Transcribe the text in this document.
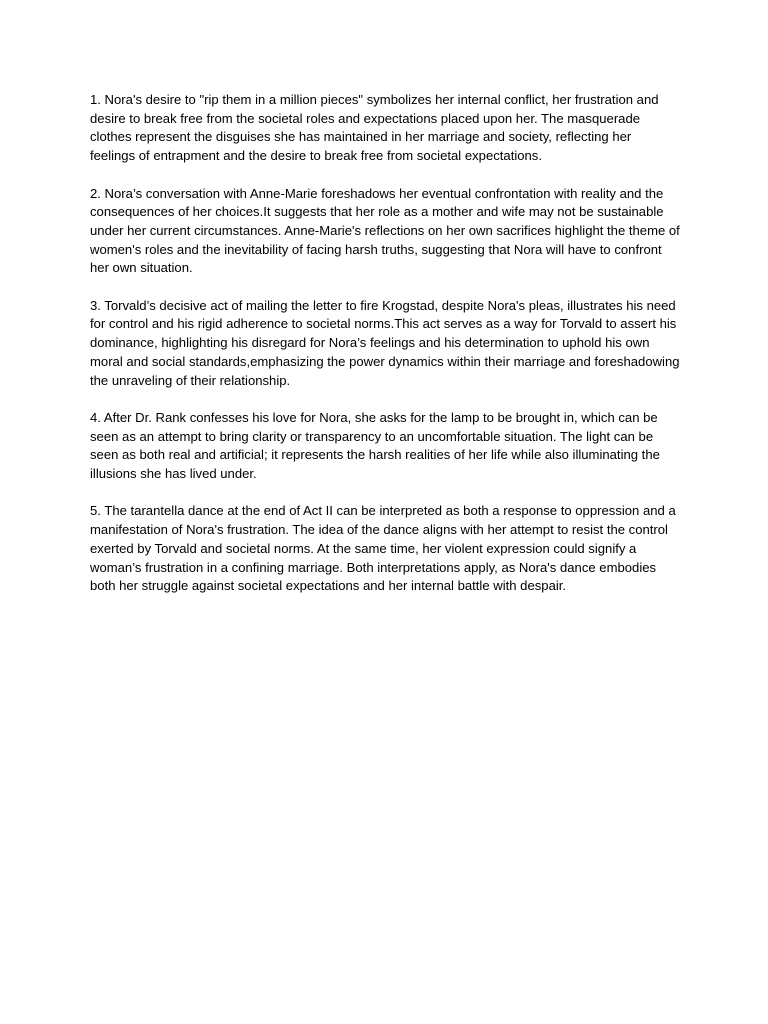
1. Nora's desire to "rip them in a million pieces" symbolizes her internal conflict, her frustration and desire to break free from the societal roles and expectations placed upon her. The masquerade clothes represent the disguises she has maintained in her marriage and society, reflecting her feelings of entrapment and the desire to break free from societal expectations.

2. Nora’s conversation with Anne-Marie foreshadows her eventual confrontation with reality and the consequences of her choices.It suggests that her role as a mother and wife may not be sustainable under her current circumstances. Anne-Marie's reflections on her own sacrifices highlight the theme of women's roles and the inevitability of facing harsh truths, suggesting that Nora will have to confront her own situation.

3. Torvald’s decisive act of mailing the letter to fire Krogstad, despite Nora's pleas, illustrates his need for control and his rigid adherence to societal norms.This act serves as a way for Torvald to assert his dominance, highlighting his disregard for Nora’s feelings and his determination to uphold his own moral and social standards,emphasizing the power dynamics within their marriage and foreshadowing the unraveling of their relationship.

4. After Dr. Rank confesses his love for Nora, she asks for the lamp to be brought in, which can be seen as an attempt to bring clarity or transparency to an uncomfortable situation. The light can be seen as both real and artificial; it represents the harsh realities of her life while also illuminating the illusions she has lived under.

5. The tarantella dance at the end of Act II can be interpreted as both a response to oppression and a manifestation of Nora's frustration. The idea of the dance aligns with her attempt to resist the control exerted by Torvald and societal norms. At the same time, her violent expression could signify a woman’s frustration in a confining marriage. Both interpretations apply, as Nora's dance embodies both her struggle against societal expectations and her internal battle with despair.
